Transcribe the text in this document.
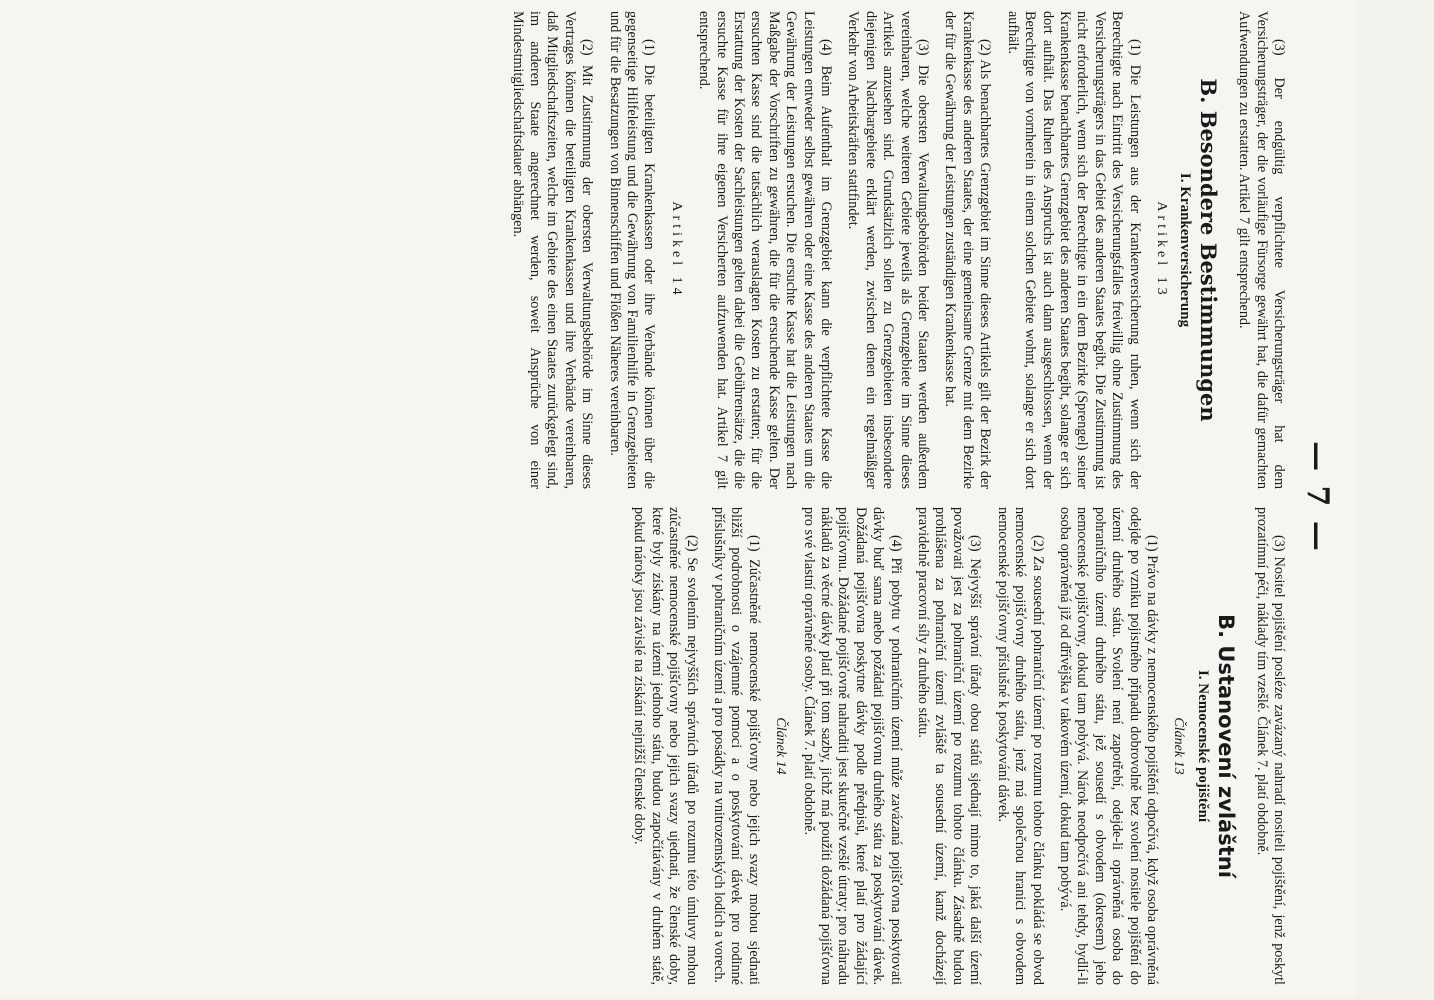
— 7 —

(3) Der endgültig verpflichtete Versicherungsträger hat dem Versicherungsträger, der die vorläufige Fürsorge gewährt hat, die dafür gemachten Aufwendungen zu erstatten. Artikel 7 gilt entsprechend.

B. Besondere Bestimmungen
I. Krankenversicherung
Artikel 13

(1) Die Leistungen aus der Krankenversicherung ruhen, wenn sich der Berechtigte nach Eintritt des Versicherungsfalles freiwillig ohne Zustimmung des Versicherungsträgers in das Gebiet des anderen Staates begibt. Die Zustimmung ist nicht erforderlich, wenn sich der Berechtigte in ein dem Bezirke (Sprengel) seiner Krankenkasse benachbartes Grenzgebiet des anderen Staates begibt, solange er sich dort aufhält. Das Ruhen des Anspruchs ist auch dann ausgeschlossen, wenn der Berechtigte von vornherein in einem solchen Gebiete wohnt, solange er sich dort aufhält.

(2) Als benachbartes Grenzgebiet im Sinne dieses Artikels gilt der Bezirk der Krankenkasse des anderen Staates, der eine gemeinsame Grenze mit dem Bezirke der für die Gewährung der Leistungen zuständigen Krankenkasse hat.

(3) Die obersten Verwaltungsbehörden beider Staaten werden außerdem vereinbaren, welche weiteren Gebiete jeweils als Grenzgebiete im Sinne dieses Artikels anzusehen sind. Grundsätzlich sollen zu Grenzgebieten insbesondere diejenigen Nachbargebiete erklärt werden, zwischen denen ein regelmäßiger Verkehr von Arbeitskräften stattfindet.

(4) Beim Aufenthalt im Grenzgebiet kann die verpflichtete Kasse die Leistungen entweder selbst gewähren oder eine Kasse des anderen Staates um die Gewährung der Leistungen ersuchen. Die ersuchte Kasse hat die Leistungen nach Maßgabe der Vorschriften zu gewähren, die für die ersuchende Kasse gelten. Der ersuchten Kasse sind die tatsächlich verauslagten Kosten zu erstatten; für die Erstattung der Kosten der Sachleistungen gelten dabei die Gebührensätze, die die ersuchte Kasse für ihre eigenen Versicherten aufzuwenden hat. Artikel 7 gilt entsprechend.

Artikel 14

(1) Die beteiligten Krankenkassen oder ihre Verbände können über die gegenseitige Hilfeleistung und die Gewährung von Familienhilfe in Grenzgebieten und für die Besatzungen von Binnenschiffen und Flößen Näheres vereinbaren.

(2) Mit Zustimmung der obersten Verwaltungsbehörde im Sinne dieses Vertrages können die beteiligten Krankenkassen und ihre Verbände vereinbaren, daß Mitgliedschaftszeiten, welche im Gebiete des einen Staates zurückgelegt sind, im anderen Staate angerechnet werden, soweit Ansprüche von einer Mindestmitgliedschaftsdauer abhängen.

(3) Nositel pojištění posléze zavázaný nahradí nositeli pojištění, jenž poskytl prozatímní péči, náklady tím vzešlé. Článek 7. platí obdobně.

B. Ustanovení zvláštní
I. Nemocenské pojištění
Článek 13

(1) Právo na dávky z nemocenského pojištění odpočívá, když osoba oprávněná odejde po vzniku pojistného případu dobrovolně bez svolení nositele pojištění do území druhého státu. Svolení není zapotřebí, odejde-li oprávněná osoba do pohraničního území druhého státu, jež sousedí s obvodem (okresem) jeho nemocenské pojišťovny, dokud tam pobývá. Nárok neodpočívá ani tehdy, bydlí-li osoba oprávněná již od dřívějška v takovém území, dokud tam pobývá.

(2) Za sousední pohraniční území po rozumu tohoto článku pokládá se obvod nemocenské pojišťovny druhého státu, jenž má společnou hranici s obvodem nemocenské pojišťovny příslušné k poskytování dávek.

(3) Nejvyšší správní úřady obou států sjednají mimo to, jaká další území považovati jest za pohraniční území po rozumu tohoto článku. Zásadně budou prohlášena za pohraniční území zvláště ta sousední území, kamž docházejí pravidelně pracovní síly z druhého státu.

(4) Při pobytu v pohraničním území může zavázaná pojišťovna poskytovati dávky buď sama anebo požádati pojišťovnu druhého státu za poskytování dávek. Dožádaná pojišťovna poskytne dávky podle předpisů, které platí pro žádající pojišťovnu. Dožádané pojišťovně nahraditi jest skutečně vzešlé útraty; pro náhradu nákladů za věcné dávky platí při tom sazby, jichž má použíti dožádaná pojišťovna pro své vlastní oprávněné osoby. Článek 7. platí obdobně.

Článek 14

(1) Zúčastněné nemocenské pojišťovny nebo jejich svazy mohou sjednati bližší podrobnosti o vzájemné pomoci a o poskytování dávek pro rodinné příslušníky v pohraničním území a pro posádky na vnitrozemských lodích a vorech.

(2) Se svolením nejvyšších správních úřadů po rozumu této úmluvy mohou zúčastněné nemocenské pojišťovny nebo jejich svazy ujednati, že členské doby, které byly získány na území jednoho státu, budou započítávány v druhém státě, pokud nároky jsou závislé na získání nejnižší členské doby.
